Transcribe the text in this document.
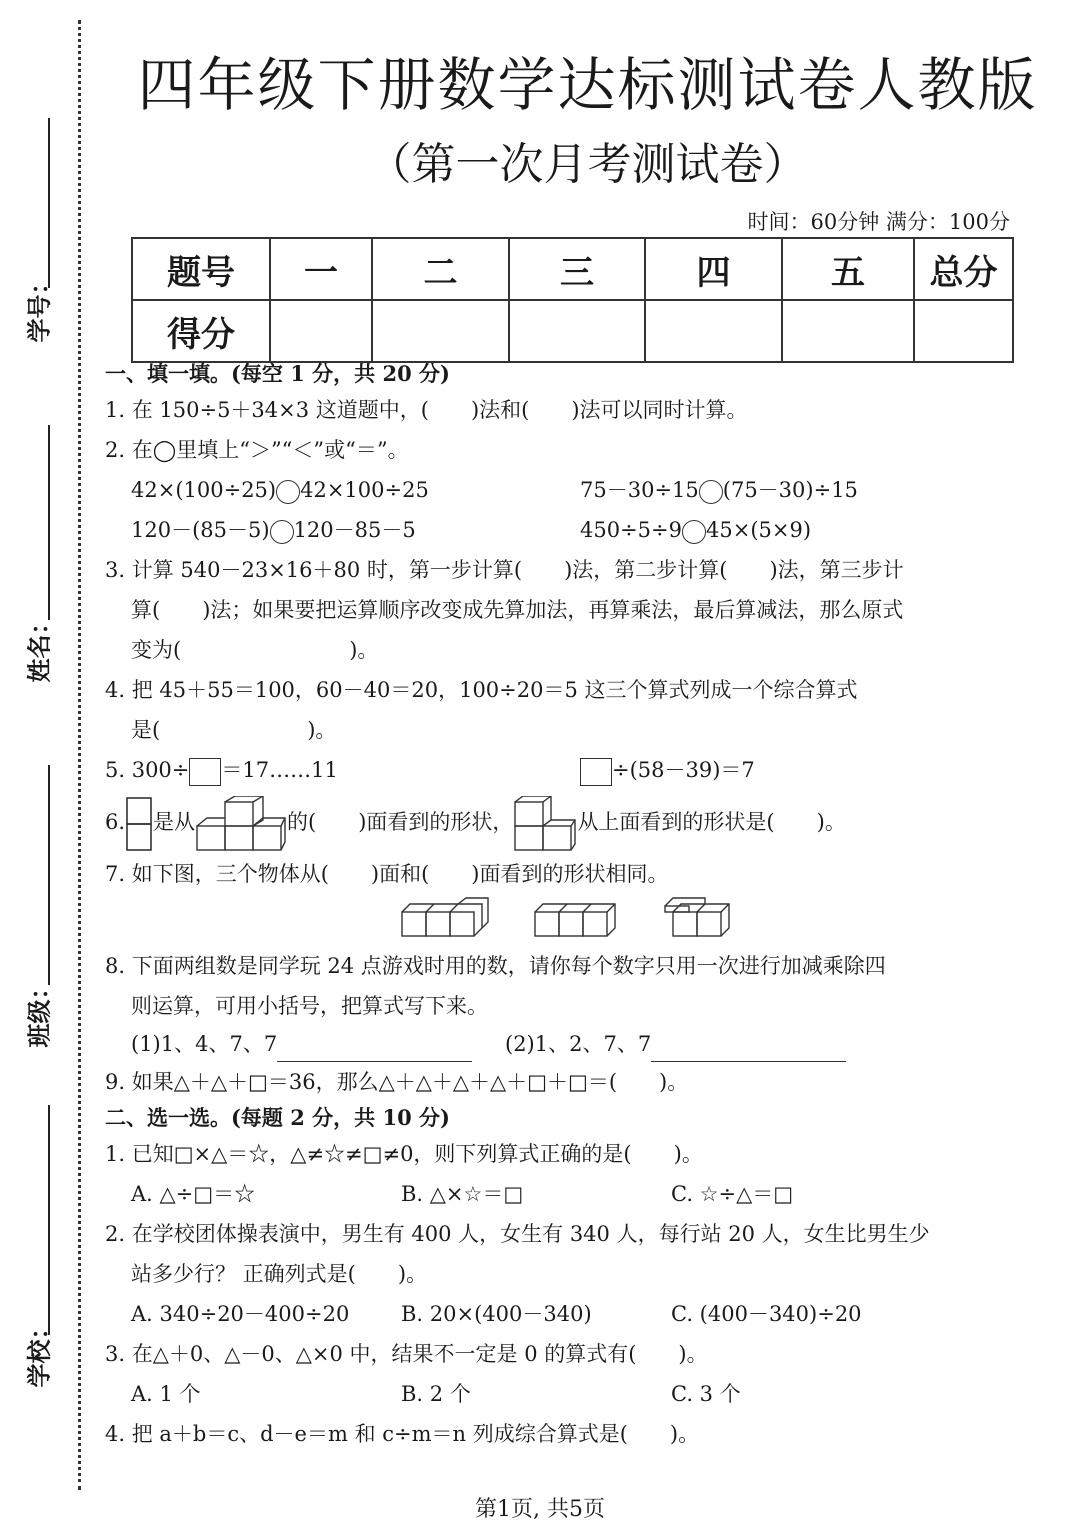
学号：
姓名：
班级：
学校：
四年级下册数学达标测试卷人教版
（第一次月考测试卷）
时间：60分钟 满分：100分
题号	一	二	三	四	五	总分
得分						
一、填一填。(每空 1 分，共 20 分)
1. 在 150÷5＋34×3 这道题中，(　　)法和(　　)法可以同时计算。
2. 在◯里填上“＞”“＜”或“＝”。
42×(100÷25) 42×100÷25	75－30÷15 (75－30)÷15
120－(85－5) 120－85－5	450÷5÷9 45×(5×9)
3. 计算 540－23×16＋80 时，第一步计算(　　)法，第二步计算(　　)法，第三步计
算(　　)法；如果要把运算顺序改变成先算加法，再算乘法，最后算减法，那么原式
变为(　　　　　　　　)。
4. 把 45＋55＝100，60－40＝20，100÷20＝5 这三个算式列成一个综合算式
是(　　　　　　　)。
5. 300÷ ＝17……11	÷(58－39)＝7
6. 是从	的(　　)面看到的形状，	从上面看到的形状是(　　)。
7. 如下图，三个物体从(　　)面和(　　)面看到的形状相同。
8. 下面两组数是同学玩 24 点游戏时用的数，请你每个数字只用一次进行加减乘除四
则运算，可用小括号，把算式写下来。
(1)1、4、7、7	(2)1、2、7、7
9. 如果△＋△＋□＝36，那么△＋△＋△＋△＋□＋□＝(　　)。
二、选一选。(每题 2 分，共 10 分)
1. 已知□×△＝☆，△≠☆≠□≠0，则下列算式正确的是(　　)。
A. △÷□＝☆	B. △×☆＝□	C. ☆÷△＝□
2. 在学校团体操表演中，男生有 400 人，女生有 340 人，每行站 20 人，女生比男生少
站多少行？ 正确列式是(　　)。
A. 340÷20－400÷20 B. 20×(400－340)	C. (400－340)÷20
3. 在△＋0、△－0、△×0 中，结果不一定是 0 的算式有(　　)。
A. 1 个	B. 2 个	C. 3 个
4. 把 a＋b＝c、d－e＝m 和 c÷m＝n 列成综合算式是(　　)。
第1页, 共5页
